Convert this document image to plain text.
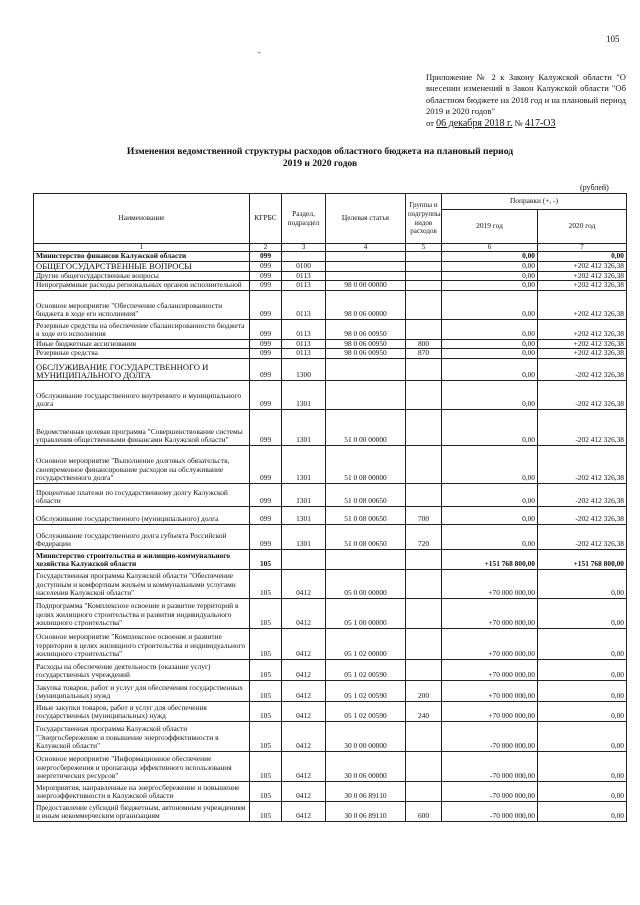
105
-
Приложение № 2 к Закону Калужской области "О внесении изменений в Закон Калужской области "Об областном бюджете на 2018 год и на плановый период 2019 и 2020 годов"
от 06 декабря 2018 г. № 417-ОЗ
Изменения ведомственной структуры расходов областного бюджета на плановый период
2019 и 2020 годов
(рублей)
Наименование	КГРБС	Раздел, подраздел	Целевая статья	Группы и подгруппы видов расходов	Поправки (+, -)	
					2019 год	2020 год
1	2	3	4	5	6	7
Министерство финансов Калужской области	099				0,00	0,00
ОБЩЕГОСУДАРСТВЕННЫЕ ВОПРОСЫ	099	0100			0,00	+202 412 326,38
Другие общегосударственные вопросы	099	0113			0,00	+202 412 326,38
Непрограммные расходы региональных органов исполнительной	099	0113	98 0 00 00000		0,00	+202 412 326,38
Основное мероприятие "Обеспечение сбалансированности бюджета в ходе его исполнения"	099	0113	98 0 06 00000		0,00	+202 412 326,38
Резервные средства на обеспечение сбалансированности бюджета в ходе его исполнения	099	0113	98 0 06 00950		0,00	+202 412 326,38
Иные бюджетные ассигнования	099	0113	98 0 06 00950	800	0,00	+202 412 326,38
Резервные средства	099	0113	98 0 06 00950	870	0,00	+202 412 326,38
ОБСЛУЖИВАНИЕ ГОСУДАРСТВЕННОГО И МУНИЦИПАЛЬНОГО ДОЛГА	099	1300			0,00	-202 412 326,38
Обслуживание государственного внутреннего и муниципального долга	099	1301			0,00	-202 412 326,38
Ведомственная целевая программа "Совершенствование системы управления общественными финансами Калужской области"	099	1301	51 0 00 00000		0,00	-202 412 326,38
Основное мероприятие "Выполнение долговых обязательств, своевременное финансирование расходов на обслуживание государственного долга"	099	1301	51 0 08 00000		0,00	-202 412 326,38
Процентные платежи по государственному долгу Калужской области	099	1301	51 0 08 00650		0,00	-202 412 326,38
Обслуживание государственного (муниципального) долга	099	1301	51 0 08 00650	700	0,00	-202 412 326,38
Обслуживание государственного долга субъекта Российской Федерации	099	1301	51 0 08 00650	720	0,00	-202 412 326,38
Министерство строительства и жилищно-коммунального хозяйства Калужской области	105				+151 768 800,00	+151 768 800,00
Государственная программа Калужской области "Обеспечение доступным и комфортным жильем и коммунальными услугами населения Калужской области"	105	0412	05 0 00 00000		+70 000 000,00	0,00
Подпрограмма "Комплексное освоение и развитие территорий в целях жилищного строительства и развития индивидуального жилищного строительства"	105	0412	05 1 00 00000		+70 000 000,00	0,00
Основное мероприятие "Комплексное освоение и развитие территории в целях жилищного строительства и индивидуального жилищного строительства"	105	0412	05 1 02 00000		+70 000 000,00	0,00
Расходы на обеспечение деятельности (оказание услуг) государственных учреждений	105	0412	05 1 02 00590		+70 000 000,00	0,00
Закупка товаров, работ и услуг для обеспечения государственных (муниципальных) нужд	105	0412	05 1 02 00590	200	+70 000 000,00	0,00
Иные закупки товаров, работ и услуг для обеспечения государственных (муниципальных) нужд	105	0412	05 1 02 00590	240	+70 000 000,00	0,00
Государственная программа Калужской области "Энергосбережение и повышение энергоэффективности в Калужской области"	105	0412	30 0 00 00000		-70 000 000,00	0,00
Основное мероприятие "Информационное обеспечение энергосбережения и пропаганда эффективного использования энергетических ресурсов"	105	0412	30 0 06 00000		-70 000 000,00	0,00
Мероприятия, направленные на энергосбережение и повышение энергоэффективности в Калужской области	105	0412	30 0 06 89110		-70 000 000,00	0,00
Предоставление субсидий бюджетным, автономным учреждениям и иным некоммерческим организациям	105	0412	30 0 06 89110	600	-70 000 000,00	0,00
